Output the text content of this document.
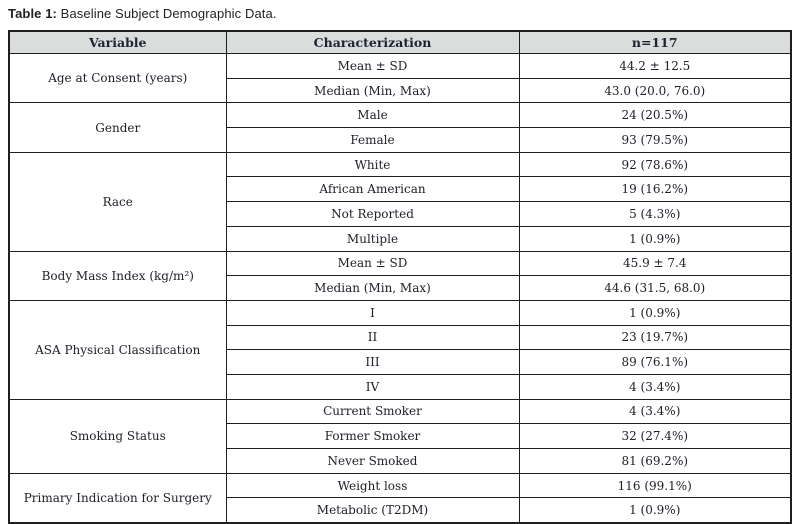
Table 1: Baseline Subject Demographic Data.
Variable	Characterization	n=117
Age at Consent (years)	Mean ± SD	44.2 ± 12.5
	Median (Min, Max)	43.0 (20.0, 76.0)
Gender	Male	24 (20.5%)
	Female	93 (79.5%)
Race	White	92 (78.6%)
	African American	19 (16.2%)
	Not Reported	5 (4.3%)
	Multiple	1 (0.9%)
Body Mass Index (kg/m²)	Mean ± SD	45.9 ± 7.4
	Median (Min, Max)	44.6 (31.5, 68.0)
ASA Physical Classification	I	1 (0.9%)
	II	23 (19.7%)
	III	89 (76.1%)
	IV	4 (3.4%)
Smoking Status	Current Smoker	4 (3.4%)
	Former Smoker	32 (27.4%)
	Never Smoked	81 (69.2%)
Primary Indication for Surgery	Weight loss	116 (99.1%)
	Metabolic (T2DM)	1 (0.9%)
